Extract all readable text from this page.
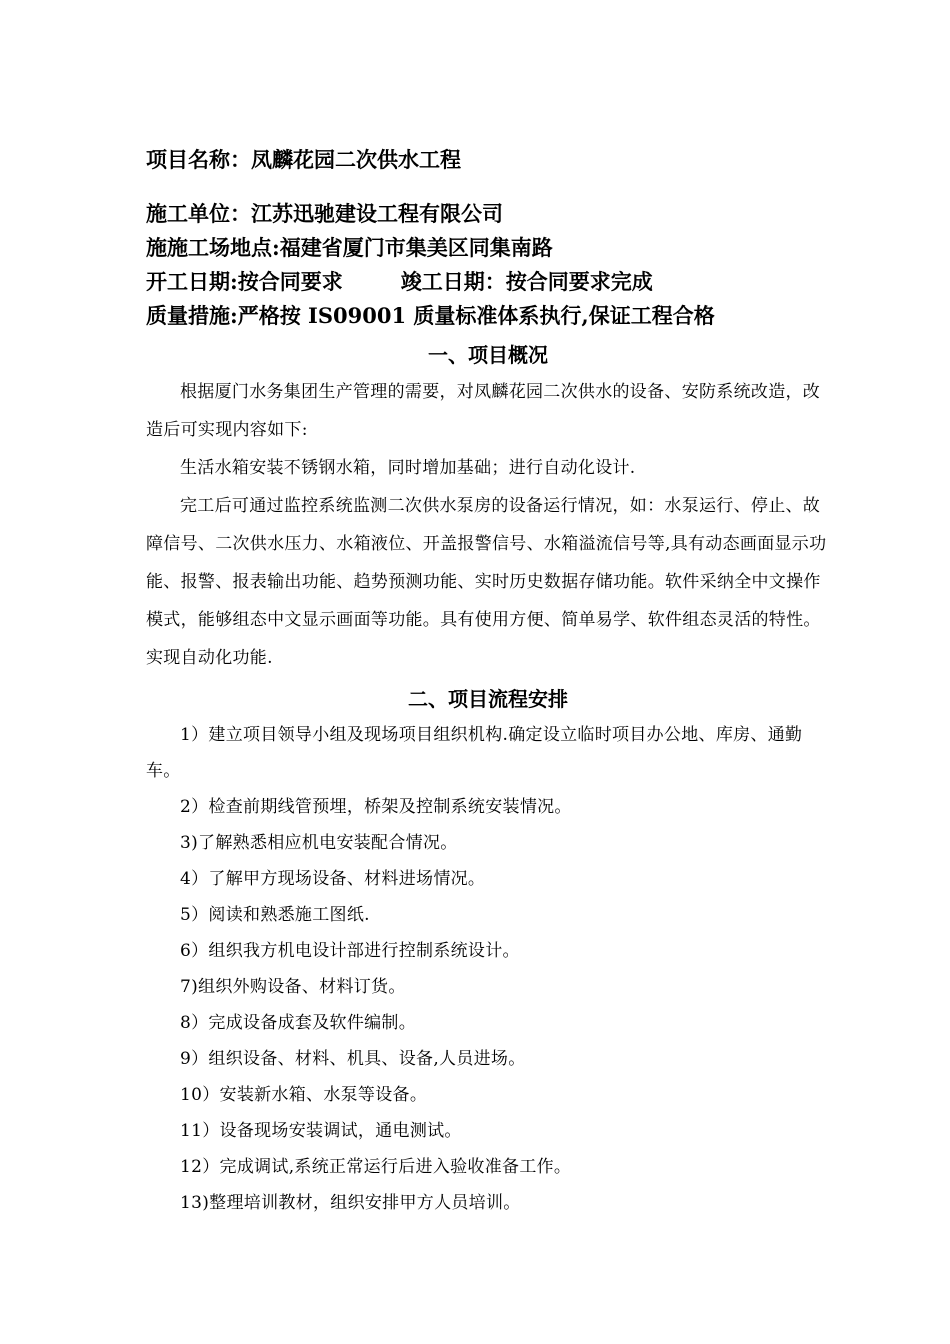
项目名称：凤麟花园二次供水工程
施工单位：江苏迅驰建设工程有限公司
施施工场地点:福建省厦门市集美区同集南路
开工日期:按合同要求	竣工日期：按合同要求完成
质量措施:严格按 IS09001 质量标准体系执行,保证工程合格
一、项目概况

根据厦门水务集团生产管理的需要，对凤麟花园二次供水的设备、安防系统改造，改造后可实现内容如下:

生活水箱安装不锈钢水箱，同时增加基础；进行自动化设计.

完工后可通过监控系统监测二次供水泵房的设备运行情况，如：水泵运行、停止、故障信号、二次供水压力、水箱液位、开盖报警信号、水箱溢流信号等,具有动态画面显示功能、报警、报表输出功能、趋势预测功能、实时历史数据存储功能。软件采纳全中文操作模式，能够组态中文显示画面等功能。具有使用方便、简单易学、软件组态灵活的特性。实现自动化功能.

二、项目流程安排
1）建立项目领导小组及现场项目组织机构.确定设立临时项目办公地、库房、通勤车。
2）检查前期线管预埋，桥架及控制系统安装情况。
3)了解熟悉相应机电安装配合情况。
4）了解甲方现场设备、材料进场情况。
5）阅读和熟悉施工图纸.
6）组织我方机电设计部进行控制系统设计。
7)组织外购设备、材料订货。
8）完成设备成套及软件编制。
9）组织设备、材料、机具、设备,人员进场。
10）安装新水箱、水泵等设备。
11）设备现场安装调试，通电测试。
12）完成调试,系统正常运行后进入验收准备工作。
13)整理培训教材，组织安排甲方人员培训。
